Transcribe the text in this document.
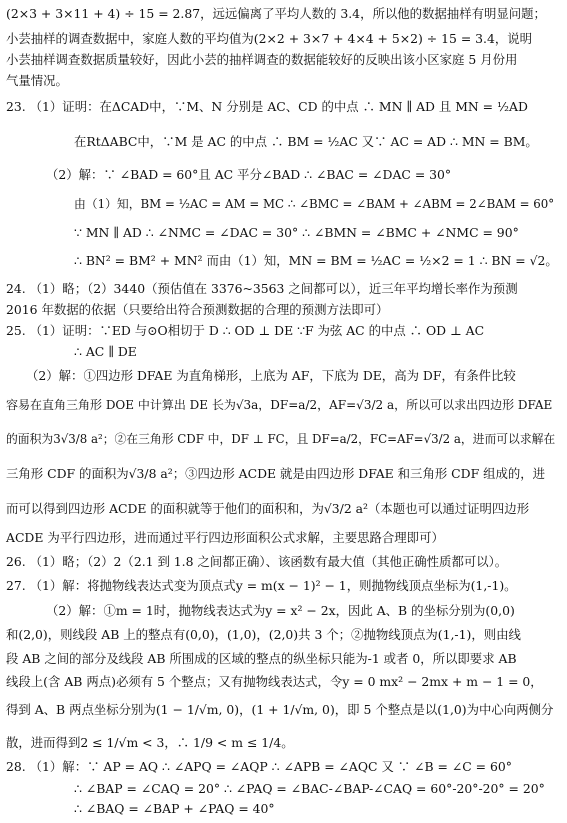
(2×3 + 3×11 + 4) ÷ 15 = 2.87，远远偏离了平均人数的 3.4，所以他的数据抽样有明显问题；
小芸抽样的调查数据中，家庭人数的平均值为(2×2 + 3×7 + 4×4 + 5×2) ÷ 15 = 3.4，说明
小芸抽样调查数据质量较好，因此小芸的抽样调查的数据能较好的反映出该小区家庭 5 月份用
气量情况。
23. （1）证明：在ΔCAD中，∵M、N 分别是 AC、CD 的中点 ∴ MN ∥ AD 且 MN = ½AD
在RtΔABC中，∵M 是 AC 的中点 ∴ BM = ½AC 又∵ AC = AD ∴ MN = BM。
（2）解：∵ ∠BAD = 60°且 AC 平分∠BAD ∴ ∠BAC = ∠DAC = 30°
由（1）知，BM = ½AC = AM = MC ∴ ∠BMC = ∠BAM + ∠ABM = 2∠BAM = 60°
∵ MN ∥ AD ∴ ∠NMC = ∠DAC = 30° ∴ ∠BMN = ∠BMC + ∠NMC = 90°
∴ BN² = BM² + MN² 而由（1）知，MN = BM = ½AC = ½×2 = 1 ∴ BN = √2。
24. （1）略；（2）3440（预估值在 3376~3563 之间都可以），近三年平均增长率作为预测
2016 年数据的依据（只要给出符合预测数据的合理的预测方法即可）
25. （1）证明：∵ED 与⊙O相切于 D ∴ OD ⊥ DE ∵F 为弦 AC 的中点 ∴ OD ⊥ AC
∴ AC ∥ DE
（2）解：①四边形 DFAE 为直角梯形，上底为 AF，下底为 DE，高为 DF，有条件比较
容易在直角三角形 DOE 中计算出 DE 长为√3a，DF=a/2，AF=√3/2 a，所以可以求出四边形 DFAE
的面积为3√3/8 a²；②在三角形 CDF 中，DF ⊥ FC，且 DF=a/2，FC=AF=√3/2 a，进而可以求解在
三角形 CDF 的面积为√3/8 a²；③四边形 ACDE 就是由四边形 DFAE 和三角形 CDF 组成的，进
而可以得到四边形 ACDE 的面积就等于他们的面积和，为√3/2 a²（本题也可以通过证明四边形
ACDE 为平行四边形，进而通过平行四边形面积公式求解，主要思路合理即可）
26. （1）略；（2）2（2.1 到 1.8 之间都正确）、该函数有最大值（其他正确性质都可以）。
27. （1）解：将抛物线表达式变为顶点式y = m(x − 1)² − 1，则抛物线顶点坐标为(1,-1)。
（2）解：①m = 1时，抛物线表达式为y = x² − 2x，因此 A、B 的坐标分别为(0,0)
和(2,0)，则线段 AB 上的整点有(0,0)，(1,0)，(2,0)共 3 个；②抛物线顶点为(1,-1)，则由线
段 AB 之间的部分及线段 AB 所围成的区域的整点的纵坐标只能为-1 或者 0，所以即要求 AB
线段上(含 AB 两点)必须有 5 个整点；又有抛物线表达式，令y = 0 mx² − 2mx + m − 1 = 0，
得到 A、B 两点坐标分别为(1 − 1/√m, 0)，(1 + 1/√m, 0)，即 5 个整点是以(1,0)为中心向两侧分
散，进而得到2 ≤ 1/√m < 3，∴ 1/9 < m ≤ 1/4。
28. （1）解：∵ AP = AQ ∴ ∠APQ = ∠AQP ∴ ∠APB = ∠AQC 又 ∵ ∠B = ∠C = 60°
∴ ∠BAP = ∠CAQ = 20° ∴ ∠PAQ = ∠BAC-∠BAP-∠CAQ = 60°-20°-20° = 20°
∴ ∠BAQ = ∠BAP + ∠PAQ = 40°
